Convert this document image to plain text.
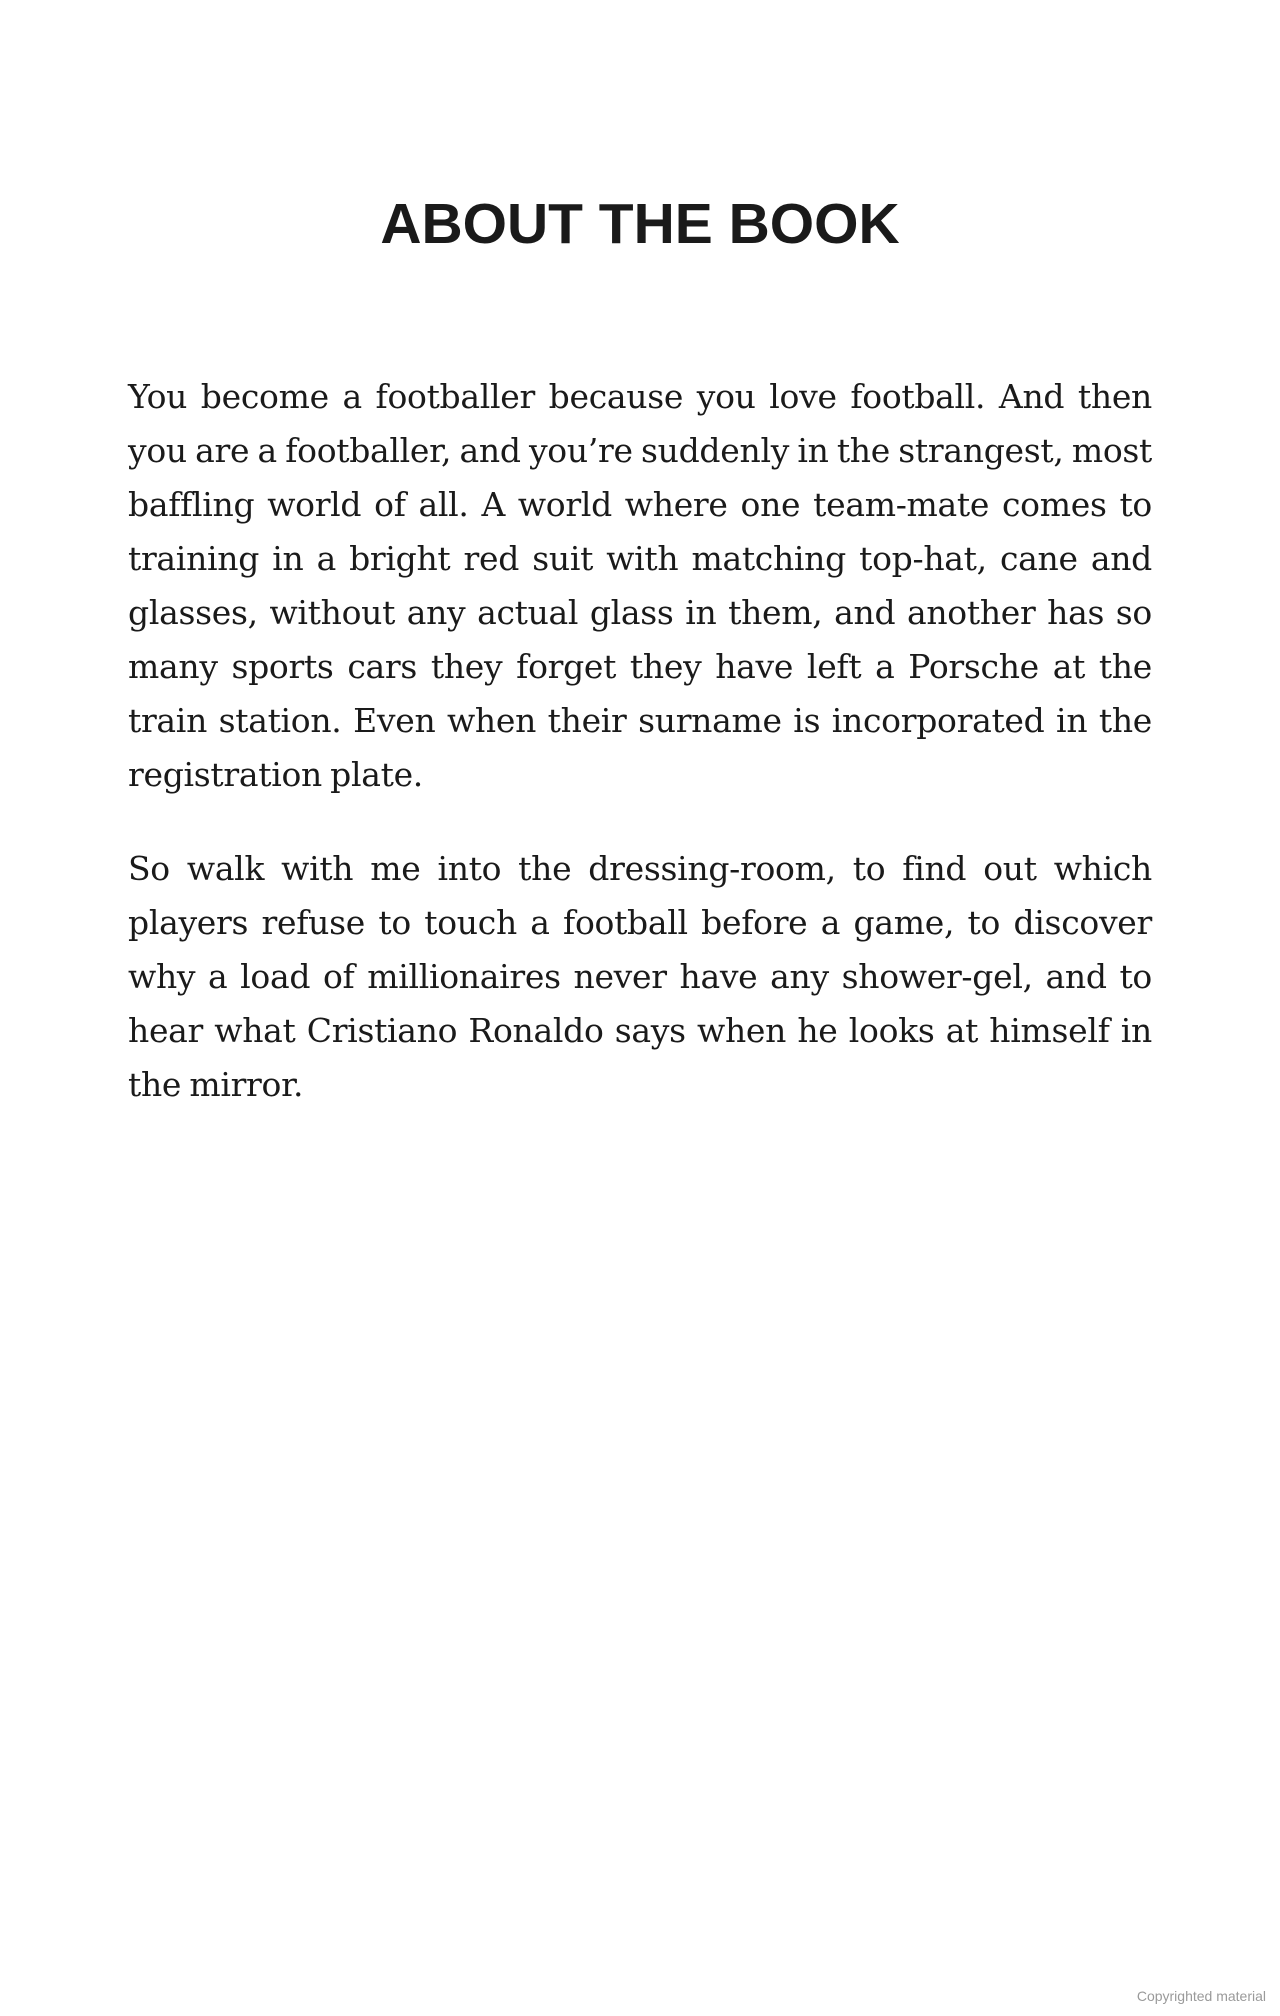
ABOUT THE BOOK

You become a footballer because you love football. And then you are a footballer, and you’re suddenly in the strangest, most baffling world of all. A world where one team-mate comes to training in a bright red suit with matching top-hat, cane and glasses, without any actual glass in them, and another has so many sports cars they forget they have left a Porsche at the train station. Even when their surname is incorporated in the registration plate.

So walk with me into the dressing-room, to find out which players refuse to touch a football before a game, to discover why a load of millionaires never have any shower-gel, and to hear what Cristiano Ronaldo says when he looks at himself in the mirror.

Copyrighted material
